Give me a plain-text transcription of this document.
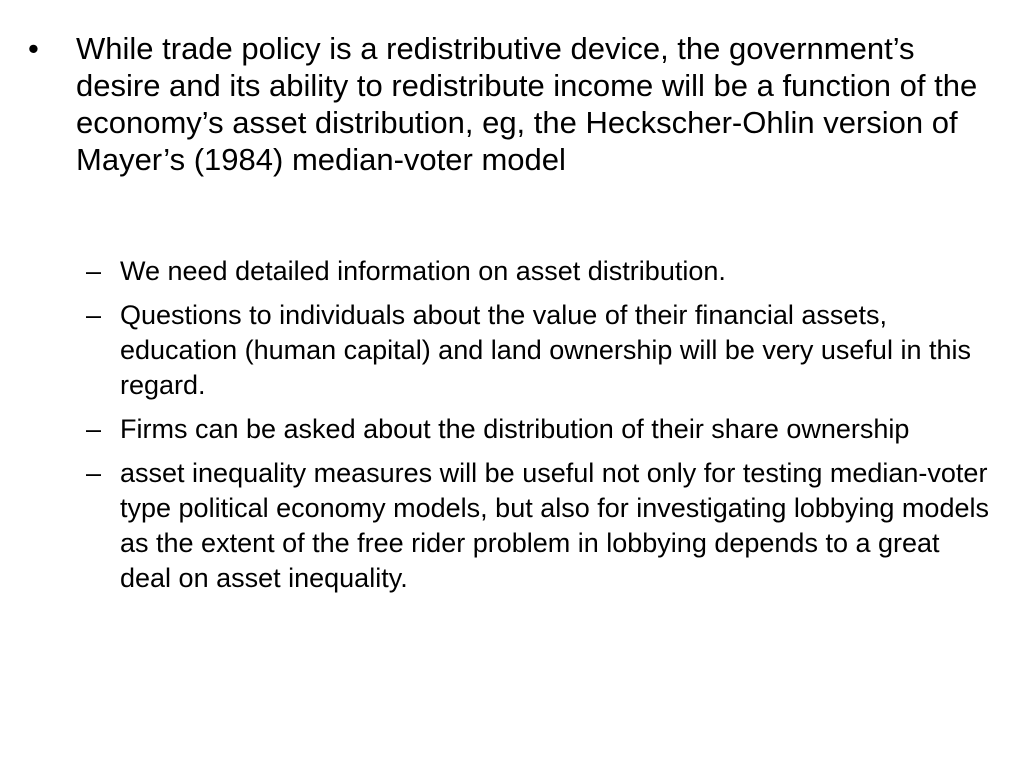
•	While trade policy is a redistributive device, the government’s desire and its ability to redistribute income will be a function of the economy’s asset distribution, eg, the Heckscher-Ohlin version of Mayer’s (1984) median-voter model
– We need detailed information on asset distribution.
– Questions to individuals about the value of their financial assets, education (human capital) and land ownership will be very useful in this regard.
– Firms can be asked about the distribution of their share ownership
– asset inequality measures will be useful not only for testing median-voter type political economy models, but also for investigating lobbying models as the extent of the free rider problem in lobbying depends to a great deal on asset inequality.
